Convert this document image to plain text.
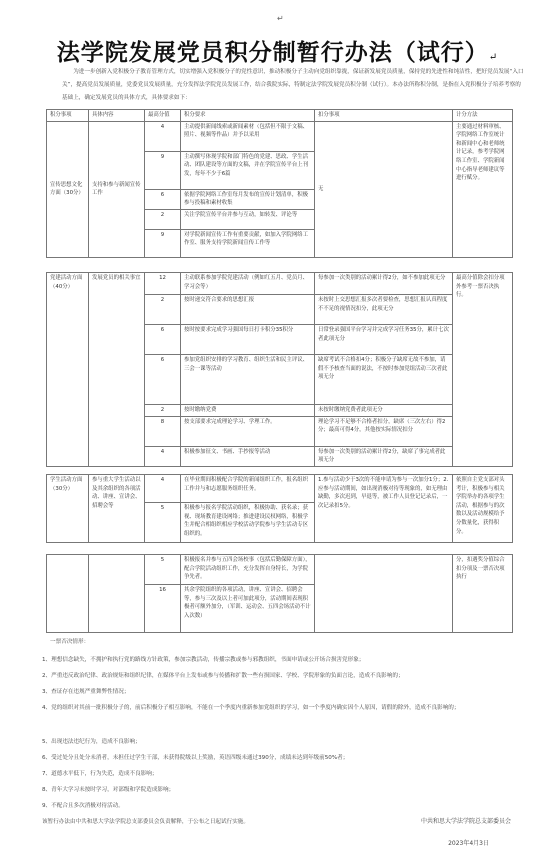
↵
法学院发展党员积分制暂行办法（试行）↵

为进一步创新入党积极分子教育管理方式，切实增强入党积极分子的党性意识，推动积极分子主动向党组织靠拢，保证新发展党员质量，保持党的先进性和纯洁性，把好党员发展“入口关”，提高党员发展质量，党委党员发展质量，充分发挥法学院党员发展工作，结合我院实际，特制定法学院发展党员积分制（试行）。本办法所称积分制，是指在入党积极分子培养考察的基础上，确定发展党员的具体方式，具体要求如下：

积分事项	具体内容	最高分值	积分要求	扣分事项	计分方法
宣传思想文化方面（30分）	支持和参与新闻宣传工作	4	主动提供新闻线索或新闻素材（包括但不限于文稿、照片、视频等作品）并予以采用	无	主要通过材料审核、学院网络工作室统计和新闻中心和老师统计记录，参考学院网络工作室、学院新闻中心指导老师建议等进行赋分。
		9	主动撰写体现学院和部门特色的党建、思政、学生活动、团队建设等方面的文稿，并在学院宣传平台上刊发，每年不少于6篇		
		6	依据学院网络工作室每月发布的宣传计划清单，积极参与投稿和素材收集		
		2	关注学院宣传平台并参与互动，如转发、评论等		
		9	对学院新闻宣传工作有重要贡献，如加入学院网络工作室、服务支持学院新闻宣传工作等		
党建活动方面（40分）	发展党员的相关事宜	12	主动联系参加学院党建活动（例如红五月、党员月、学习会等）	每参加一次类别的活动累计得2分，如不参加此项无分	最高分值除会扣分项外参考一票否决执行。
		2	按时递交符合要求的思想汇报	未按时上交思想汇报多次者要检查，思想汇报认真程度不不足的视情况扣分，此项无分	
		6	按时按要求完成学习强国每日打卡积分35积分	日常登录强国平台学习并完成学习任务35分，累计七次者此项无分	
		6	参加党组织安排的学习教育、组织生活和民主评议、三会一课等活动	缺席考试不合格扣4分；积极分子缺席无故不参加，请假不予核查当面的说法，不按时参加党组活动三次者此项无分	
		2	按时缴纳党费	未按时缴纳党费者此项无分	
		8	按支部要求完成理论学习、学理工作。	理论学习不足够不合格者扣分，缺席（三次左右）得2分；最高可得4分，其他按实际情况扣分	
		4	积极参加征文、书画、手抄报等活动	每参加一次类别的活动累计得2分，缺席了事完成者此项无分	
学生活动方面（30分）	参与重大学生活动以及其余组织的各项活动、讲座、宣讲会、招聘会等	4	在毕业期间积极配合学院的新闻组织工作，报名组织工作并与和志愿服务组织任务。	1.参与活动少于3次的不能申请为参与一次加分1分；2.应参与活动期间，如出现消极对待等现象的，如无理由缺勤，多次迟到，早退等，被工作人员登记记录后，一次记录扣5分。	依照自主党支部对头考计，积极参与相关学院举办的各项学生活动，根据参与的次数以及活动规模给予分数量化，获得积分。
		5	积极参与报名学院活动组织，积极协助、获名录；获视、现场教育建设网络；推进建设民权网络，积极学生并配合相组织相应学校活动学院参与学生活动专区组织的。		
		5	积极报名并参与五四会场校事（包括后勤保障方面），配合学院活动组织工作，充分发挥自身特长，为学院争先者。		分，扣遇奖分值综合扣分项及一票否决项执行
		16	其余学院组织的各项活动，讲座、宣讲会、招聘会等，参与三次及以上者可加此项分，活动期间表现积极者可额外加分，（军训、运动会、五四会场活动不计入次数）		
一票否决情形：
1、理想信念缺失，不拥护和执行党的路线方针政策，参加宗教活动，传播宗教或参与邪教组织，书面申请或公开场合损害党形象；
2、严重违反政治纪律、政治规矩和组织纪律，在媒体平台上发布或参与传播和扩散一些有损国家、学校、学院形象的负面言论，造成不良影响的；
3、查证存在违规严重舞弊性情况；
4、党的组织对其前一批积极分子的，前后积极分子相互影响，不能在一个季度内重新参加党组织的学习，如一个季度内确实因个人原因，请假的除外，造成不良影响的；
5、出现违法违纪行为，造成不良影响；
6、受过处分且处分未消者，未担任过学生干部，未获得院级以上奖励，英语四级未通过390分，成绩未达到年级前50%者；
7、道德水平低下，行为失范，造成不良影响；
8、青年大学习未按时学习，对部级和学院造成影响；
9、不配合且多次消极对待活动。
该暂行办法由中共和思大学法学院总支部委员会负责解释，于公布之日起试行实施。	中共和思大学法学院总支部委员会
2023年4月3日
